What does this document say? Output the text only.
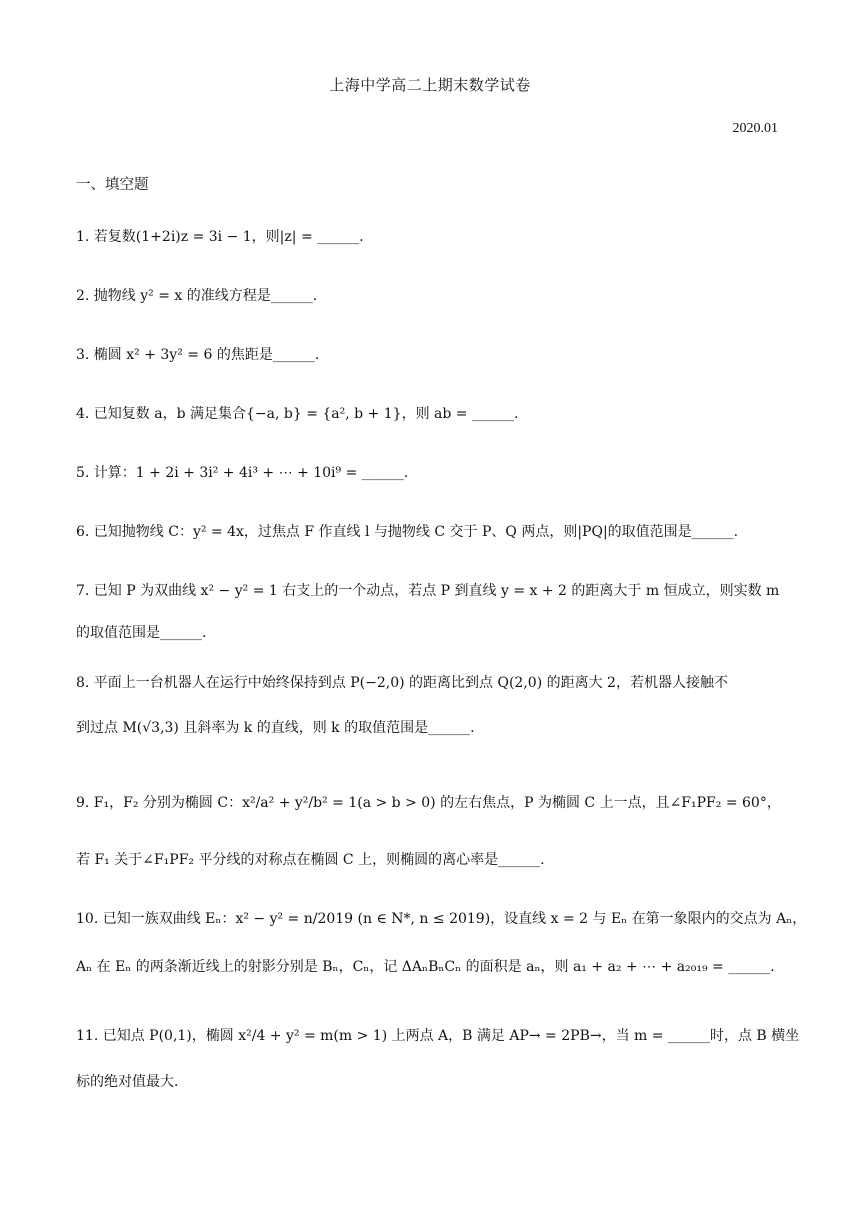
上海中学高二上期末数学试卷
2020.01
一、填空题
1. 若复数(1+2i)z = 3i − 1，则|z| = ______.
2. 抛物线 y² = x 的准线方程是______.
3. 椭圆 x² + 3y² = 6 的焦距是______.
4. 已知复数 a，b 满足集合{−a, b} = {a², b + 1}，则 ab = ______.
5. 计算：1 + 2i + 3i² + 4i³ + ⋯ + 10i⁹ = ______.
6. 已知抛物线 C：y² = 4x，过焦点 F 作直线 l 与抛物线 C 交于 P、Q 两点，则|PQ|的取值范围是______.
7. 已知 P 为双曲线 x² − y² = 1 右支上的一个动点，若点 P 到直线 y = x + 2 的距离大于 m 恒成立，则实数 m
的取值范围是______.
8. 平面上一台机器人在运行中始终保持到点 P(−2,0) 的距离比到点 Q(2,0) 的距离大 2，若机器人接触不
到过点 M(√3,3) 且斜率为 k 的直线，则 k 的取值范围是______.
9. F₁，F₂ 分别为椭圆 C：x²/a² + y²/b² = 1(a > b > 0) 的左右焦点，P 为椭圆 C 上一点，且∠F₁PF₂ = 60°，
若 F₁ 关于∠F₁PF₂ 平分线的对称点在椭圆 C 上，则椭圆的离心率是______.
10. 已知一族双曲线 Eₙ：x² − y² = n/2019 (n ∈ N*, n ≤ 2019)，设直线 x = 2 与 Eₙ 在第一象限内的交点为 Aₙ，
Aₙ 在 Eₙ 的两条渐近线上的射影分别是 Bₙ，Cₙ，记 ΔAₙBₙCₙ 的面积是 aₙ，则 a₁ + a₂ + ⋯ + a₂₀₁₉ = ______.
11. 已知点 P(0,1)，椭圆 x²/4 + y² = m(m > 1) 上两点 A，B 满足 AP→ = 2PB→，当 m = ______时，点 B 横坐
标的绝对值最大.
